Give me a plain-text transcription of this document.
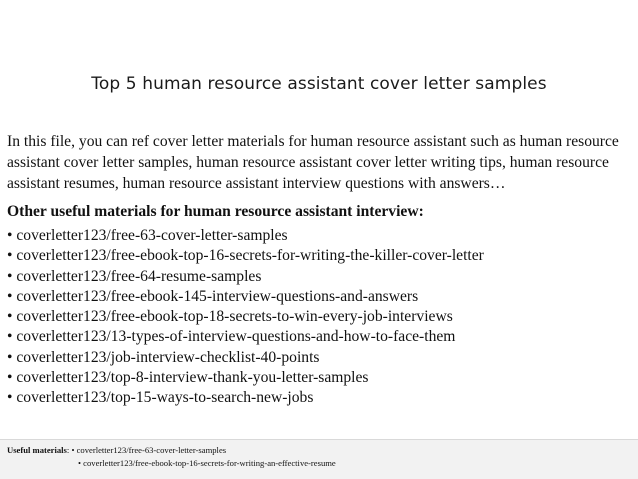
Top 5 human resource assistant cover letter samples
In this file, you can ref cover letter materials for human resource assistant such as human resource assistant cover letter samples, human resource assistant cover letter writing tips, human resource assistant resumes, human resource assistant interview questions with answers…
Other useful materials for human resource assistant interview:
• coverletter123/free-63-cover-letter-samples
• coverletter123/free-ebook-top-16-secrets-for-writing-the-killer-cover-letter
• coverletter123/free-64-resume-samples
• coverletter123/free-ebook-145-interview-questions-and-answers
• coverletter123/free-ebook-top-18-secrets-to-win-every-job-interviews
• coverletter123/13-types-of-interview-questions-and-how-to-face-them
• coverletter123/job-interview-checklist-40-points
• coverletter123/top-8-interview-thank-you-letter-samples
• coverletter123/top-15-ways-to-search-new-jobs
Useful materials: • coverletter123/free-63-cover-letter-samples
• coverletter123/free-ebook-top-16-secrets-for-writing-an-effective-resume
